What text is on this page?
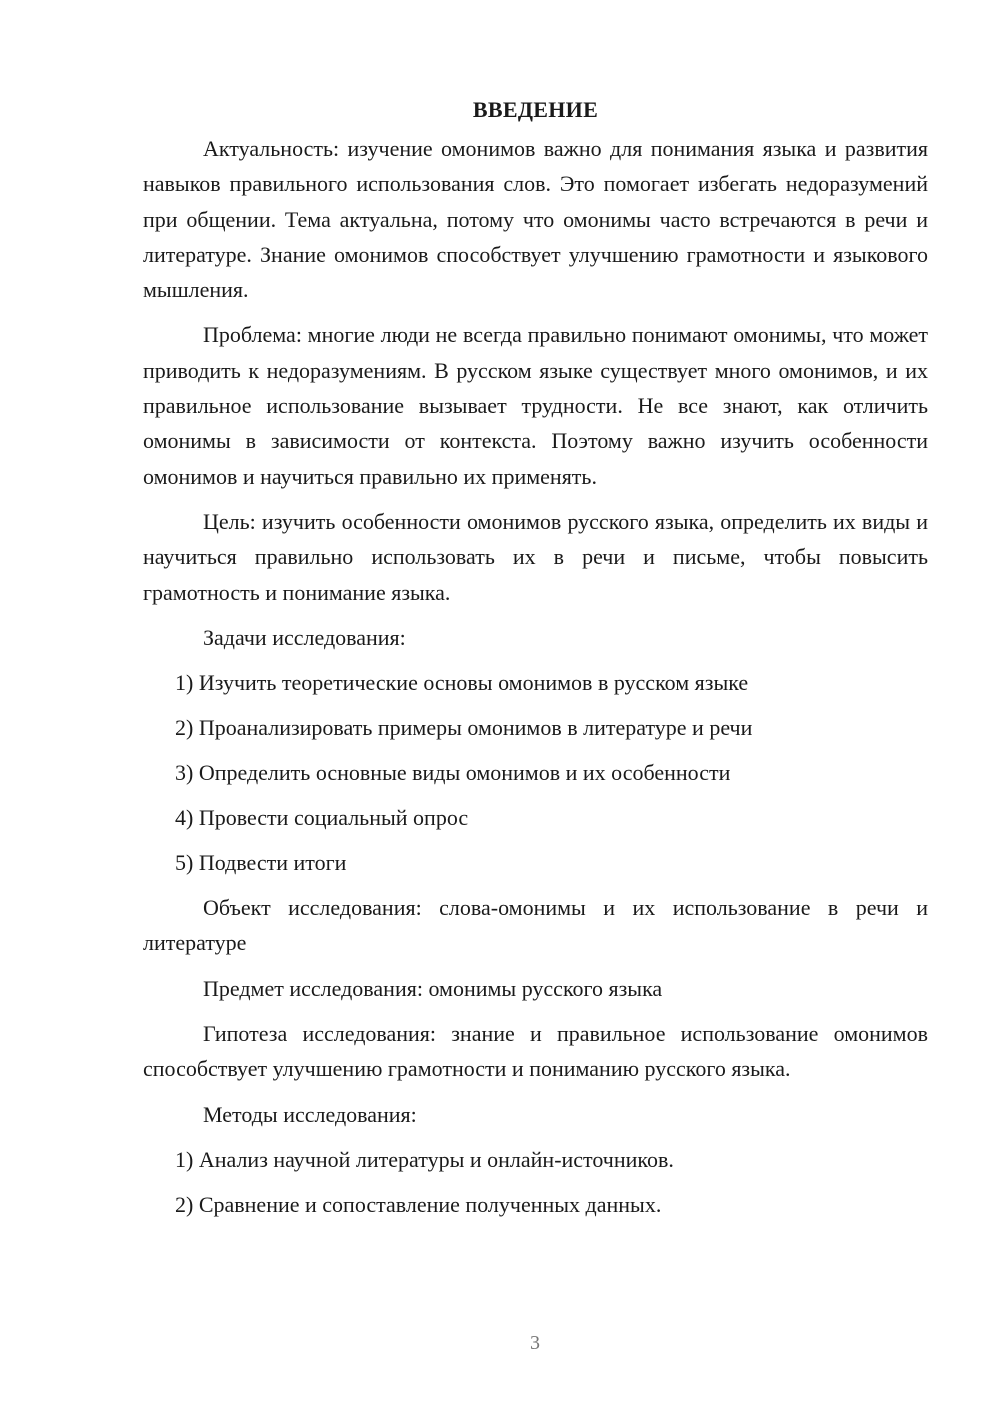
ВВЕДЕНИЕ

Актуальность: изучение омонимов важно для понимания языка и развития навыков правильного использования слов. Это помогает избегать недоразумений при общении. Тема актуальна, потому что омонимы часто встречаются в речи и литературе. Знание омонимов способствует улучшению грамотности и языкового мышления.

Проблема: многие люди не всегда правильно понимают омонимы, что может приводить к недоразумениям. В русском языке существует много омонимов, и их правильное использование вызывает трудности. Не все знают, как отличить омонимы в зависимости от контекста. Поэтому важно изучить особенности омонимов и научиться правильно их применять.

Цель: изучить особенности омонимов русского языка, определить их виды и научиться правильно использовать их в речи и письме, чтобы повысить грамотность и понимание языка.

Задачи исследования:

1) Изучить теоретические основы омонимов в русском языке
2) Проанализировать примеры омонимов в литературе и речи
3) Определить основные виды омонимов и их особенности
4) Провести социальный опрос
5) Подвести итоги

Объект исследования: слова-омонимы и их использование в речи и литературе

Предмет исследования: омонимы русского языка

Гипотеза исследования: знание и правильное использование омонимов способствует улучшению грамотности и пониманию русского языка.

Методы исследования:

1) Анализ научной литературы и онлайн-источников.
2) Сравнение и сопоставление полученных данных.
3
